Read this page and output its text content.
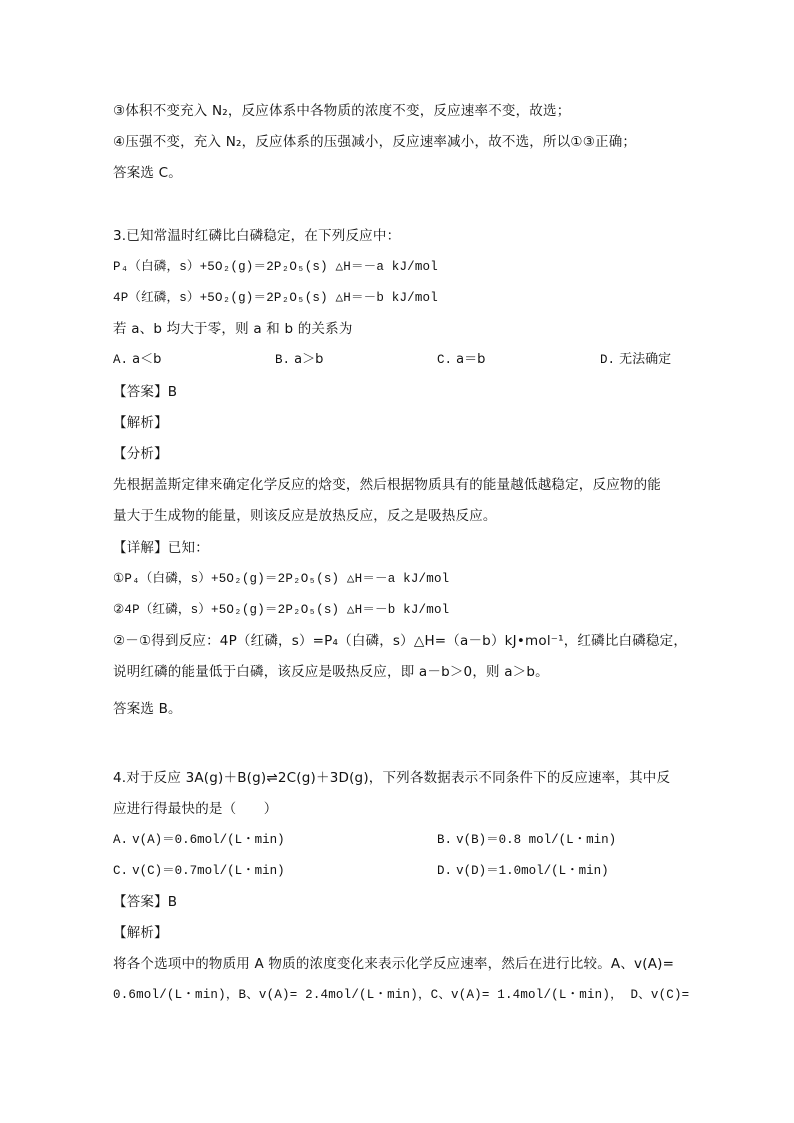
③体积不变充入 N₂，反应体系中各物质的浓度不变，反应速率不变，故选；
④压强不变，充入 N₂，反应体系的压强减小，反应速率减小，故不选，所以①③正确；
答案选 C。
3.已知常温时红磷比白磷稳定，在下列反应中：
P₄（白磷，s）+5O₂(g)＝2P₂O₅(s) △H＝－a kJ/mol
4P（红磷，s）+5O₂(g)＝2P₂O₅(s) △H＝－b kJ/mol
若 a、b 均大于零，则 a 和 b 的关系为
A. a＜b	B. a＞b	C. a＝b	D. 无法确定
【答案】B
【解析】
【分析】
先根据盖斯定律来确定化学反应的焓变，然后根据物质具有的能量越低越稳定，反应物的能
量大于生成物的能量，则该反应是放热反应，反之是吸热反应。
【详解】已知：
①P₄（白磷，s）+5O₂(g)＝2P₂O₅(s) △H＝－a kJ/mol
②4P（红磷，s）+5O₂(g)＝2P₂O₅(s) △H＝－b kJ/mol
②－①得到反应：4P（红磷，s）=P₄（白磷，s）△H=（a－b）kJ•mol⁻¹，红磷比白磷稳定，
说明红磷的能量低于白磷，该反应是吸热反应，即 a－b＞0，则 a＞b。
答案选 B。
4.对于反应 3A(g)＋B(g)⇌2C(g)＋3D(g)，下列各数据表示不同条件下的反应速率，其中反
应进行得最快的是（　　）
A. v(A)＝0.6mol/(L・min)	B. v(B)＝0.8 mol/(L・min)
C. v(C)＝0.7mol/(L・min)	D. v(D)＝1.0mol/(L・min)
【答案】B
【解析】
将各个选项中的物质用 A 物质的浓度变化来表示化学反应速率，然后在进行比较。A、v(A)=
0.6mol/(L・min)，B、v(A)= 2.4mol/(L・min)，C、v(A)= 1.4mol/(L・min)， D、v(C)=
